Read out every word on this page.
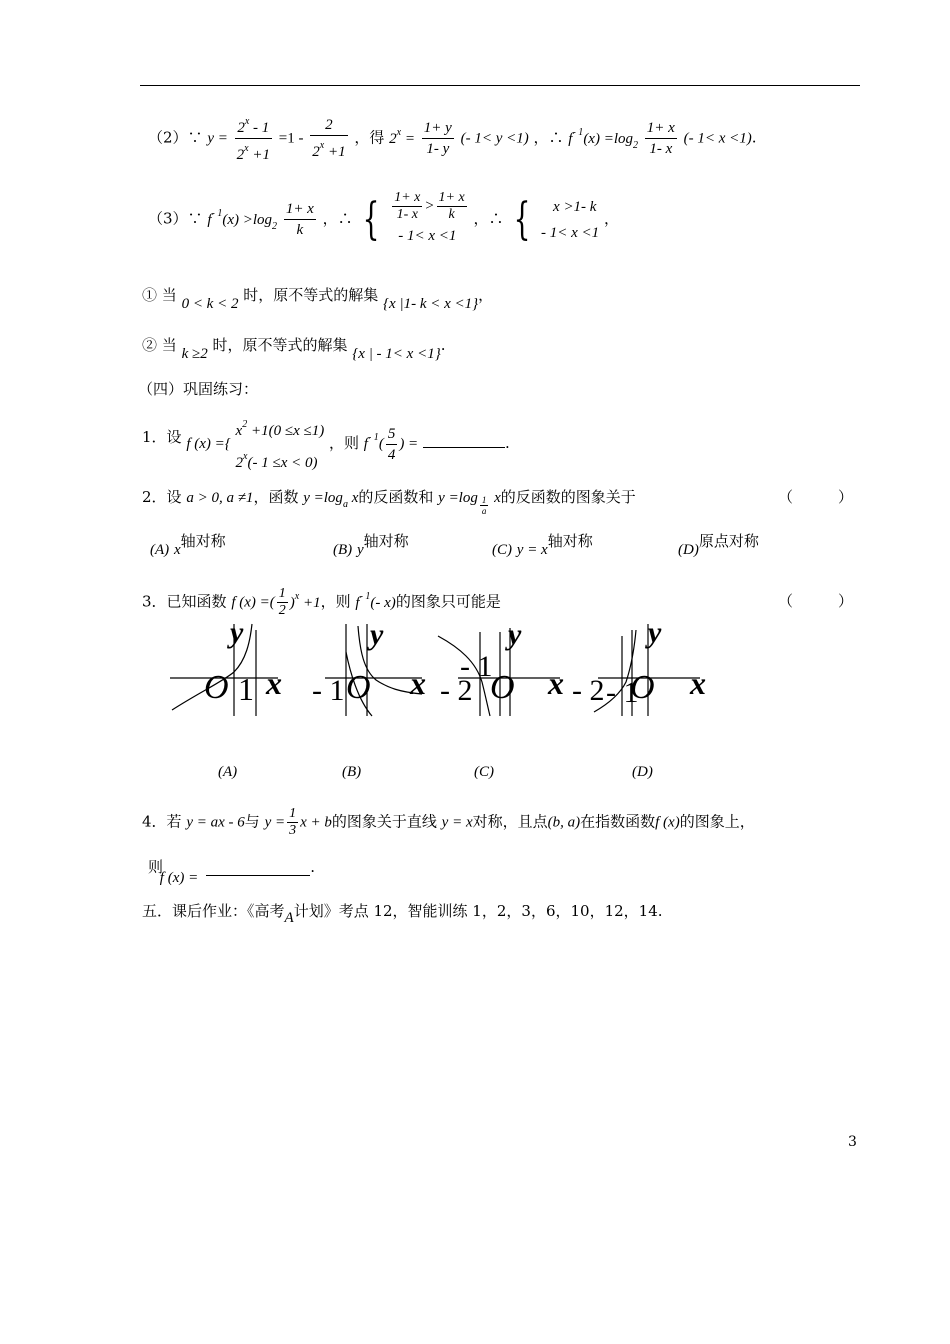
（2）∵ $y = \frac{2^x - 1}{2^x +1} =1 - \frac{2}{2^x +1}$ ，得 $2^x = \frac{1+ y}{1- y}$ (- 1< y <1) ，∴ $f^{- 1}(x) =\log_2 \frac{1+ x}{1- x}$ (- 1< x <1).
（3）∵ $f^{- 1}(x) >\log_2 \frac{1+ x}{k}$ ，∴ { $\frac{1+ x}{1- x} > \frac{1+ x}{k}$
- 1< x <1
，∴ {	x >1- k
- 1< x <1
，
① 当 0 < k < 2 时，原不等式的解集 {x |1- k < x <1}，
② 当 k ≥2 时，原不等式的解集 {x | - 1< x <1}.
（四）巩固练习：
1．设 f (x) ={
$x^2 +1(0 \le x \le 1)$
2$^x$(- 1 ≤x < 0)
，则 $f^{- 1}( \frac{5}{4}$ ) =	.
2．设 a > 0, a ≠1，函数 $y =\log_a$ x的反函数和 $y =\log \frac{1}{a}$ x的反函数的图象关于	（　　　）
(A) x轴对称	(B) y轴对称	(C) y = x轴对称	(D)原点对称
3．已知函数 f (x) =( $\frac{1}{2} )^x +1$，则 $f^{- 1}(-$ x)的图象只可能是	（　　　）
y
O 1 x
y
- 1 O x
y
- 2
- 1
O x
y
- 2 - 1
O x
(A)	(B)	(C)	(D)
4．若 y = ax - 6与 $y = \frac{1}{3}$ x + b的图象关于直线 y = x对称，且点(b, a)在指数函数f (x)的图象上，
则 f (x) =.
五．课后作业：《高考A计划》考点 12，智能训练 1，2，3，6，10，12，14.
3
